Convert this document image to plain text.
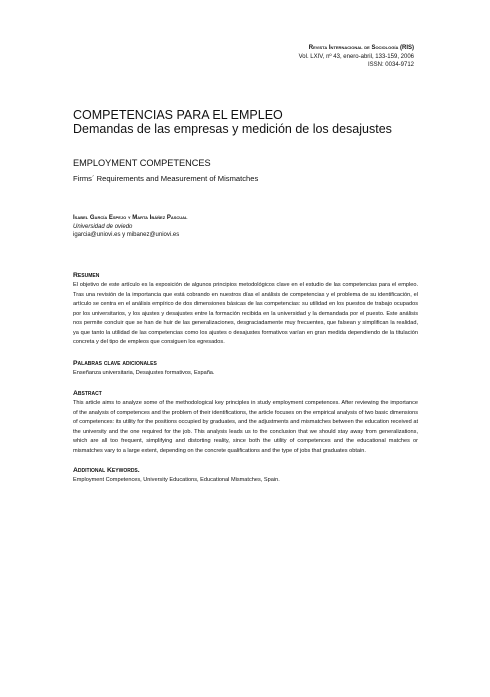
Revista Internacional de Sociología (RIS)
Vol. LXIV, nº 43, enero-abril, 133-159, 2006
ISSN: 0034-9712

COMPETENCIAS PARA EL EMPLEO

Demandas de las empresas y medición de los desajustes

EMPLOYMENT COMPETENCES

Firms´ Requirements and Measurement of Mismatches

Isabel García Espejo y Marta Ibáñez Pascual
Universidad de oviedo
igarcia@uniovi.es y mibanez@uniovi.es
Resumen

El objetivo de este artículo es la exposición de algunos principios metodológicos clave en el estudio de las competencias para el empleo. Tras una revisión de la importancia que está cobrando en nuestros días el análisis de competencias y el problema de su identificación, el artículo se centra en el análisis empírico de dos dimensiones básicas de las competencias: su utilidad en los puestos de trabajo ocupados por los universitarios, y los ajustes y desajustes entre la formación recibida en la universidad y la demandada por el puesto. Este análisis nos permite concluir que se han de huir de las generalizaciones, desgraciadamente muy frecuentes, que falsean y simplifican la realidad, ya que tanto la utilidad de las competencias como los ajustes o desajustes formativos varían en gran medida dependiendo de la titulación concreta y del tipo de empleos que consiguen los egresados.

Palabras clave adicionales

Enseñanza universitaria, Desajustes formativos, España.

Abstract

This article aims to analyze some of the methodological key principles in study employment competences. After reviewing the importance of the analysis of competences and the problem of their identifications, the article focuses on the empirical analysis of two basic dimensions of competences: its utility for the positions occupied by graduates, and the adjustments and mismatches between the education received at the university and the one required for the job. This analysis leads us to the conclusion that we should stay away from generalizations, which are all too frequent, simplifying and distorting reality, since both the utility of competences and the educational matches or mismatches vary to a large extent, depending on the concrete qualifications and the type of jobs that graduates obtain.

Additional Keywords.

Employment Competences, University Educations, Educational Mismatches, Spain.
